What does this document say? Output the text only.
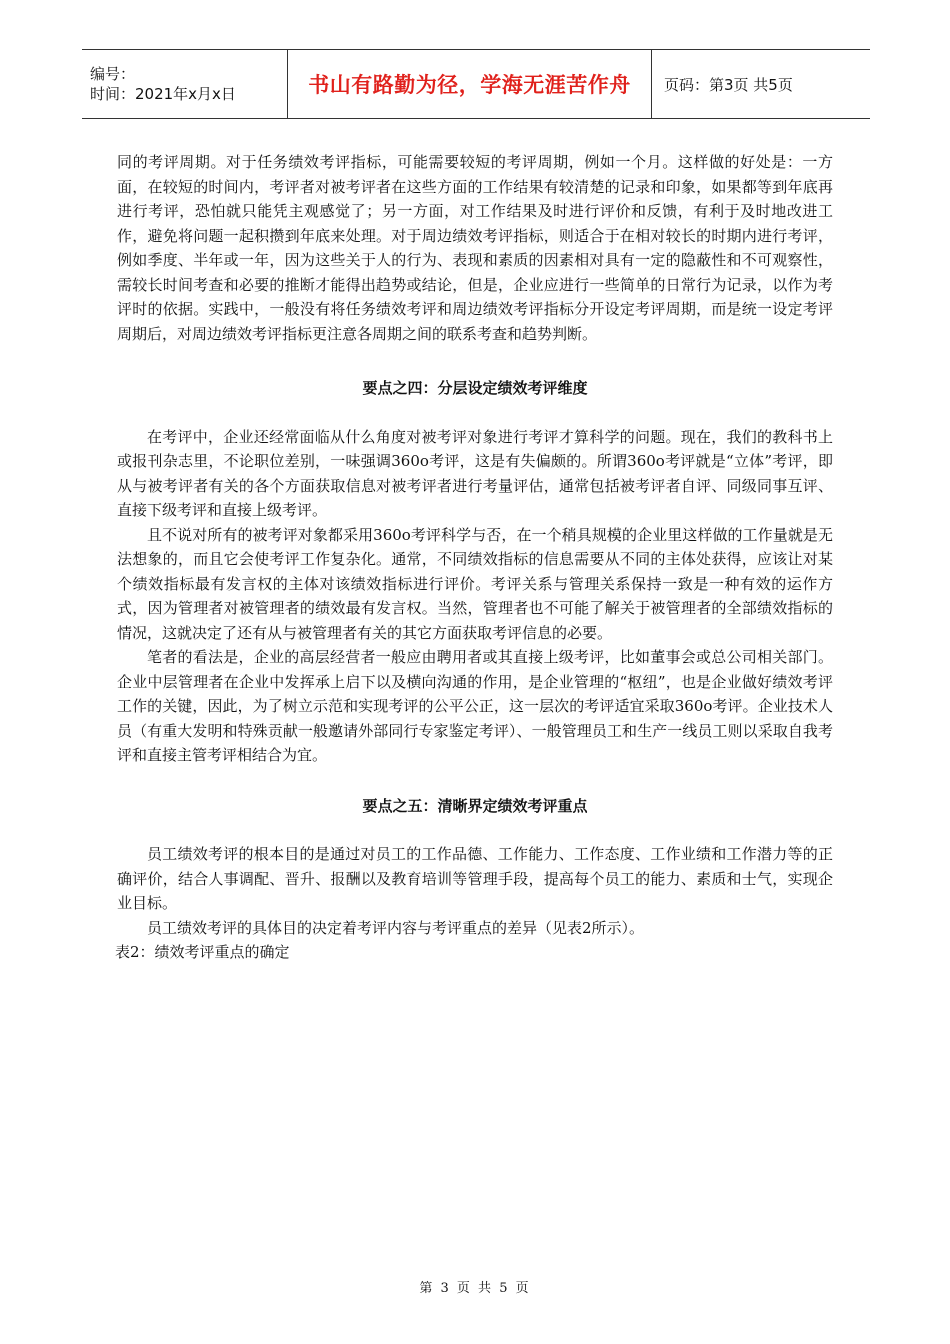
编号：
时间：2021年x月x日	书山有路勤为径，学海无涯苦作舟 页码：第3页 共5页

同的考评周期。对于任务绩效考评指标，可能需要较短的考评周期，例如一个月。这样做的好处是：一方面，在较短的时间内，考评者对被考评者在这些方面的工作结果有较清楚的记录和印象，如果都等到年底再进行考评，恐怕就只能凭主观感觉了；另一方面，对工作结果及时进行评价和反馈，有利于及时地改进工作，避免将问题一起积攒到年底来处理。对于周边绩效考评指标，则适合于在相对较长的时期内进行考评，例如季度、半年或一年，因为这些关于人的行为、表现和素质的因素相对具有一定的隐蔽性和不可观察性，需较长时间考查和必要的推断才能得出趋势或结论，但是，企业应进行一些简单的日常行为记录，以作为考评时的依据。实践中，一般没有将任务绩效考评和周边绩效考评指标分开设定考评周期，而是统一设定考评周期后，对周边绩效考评指标更注意各周期之间的联系考查和趋势判断。

要点之四：分层设定绩效考评维度

在考评中，企业还经常面临从什么角度对被考评对象进行考评才算科学的问题。现在，我们的教科书上或报刊杂志里，不论职位差别，一味强调360o考评，这是有失偏颇的。所谓360o考评就是“立体”考评，即从与被考评者有关的各个方面获取信息对被考评者进行考量评估，通常包括被考评者自评、同级同事互评、直接下级考评和直接上级考评。

且不说对所有的被考评对象都采用360o考评科学与否，在一个稍具规模的企业里这样做的工作量就是无法想象的，而且它会使考评工作复杂化。通常，不同绩效指标的信息需要从不同的主体处获得，应该让对某个绩效指标最有发言权的主体对该绩效指标进行评价。考评关系与管理关系保持一致是一种有效的运作方式，因为管理者对被管理者的绩效最有发言权。当然，管理者也不可能了解关于被管理者的全部绩效指标的情况，这就决定了还有从与被管理者有关的其它方面获取考评信息的必要。

笔者的看法是，企业的高层经营者一般应由聘用者或其直接上级考评，比如董事会或总公司相关部门。企业中层管理者在企业中发挥承上启下以及横向沟通的作用，是企业管理的“枢纽”，也是企业做好绩效考评工作的关键，因此，为了树立示范和实现考评的公平公正，这一层次的考评适宜采取360o考评。企业技术人员（有重大发明和特殊贡献一般邀请外部同行专家鉴定考评）、一般管理员工和生产一线员工则以采取自我考评和直接主管考评相结合为宜。

要点之五：清晰界定绩效考评重点

员工绩效考评的根本目的是通过对员工的工作品德、工作能力、工作态度、工作业绩和工作潜力等的正确评价，结合人事调配、晋升、报酬以及教育培训等管理手段，提高每个员工的能力、素质和士气，实现企业目标。

员工绩效考评的具体目的决定着考评内容与考评重点的差异（见表2所示）。

表2：绩效考评重点的确定

第 3 页 共 5 页
